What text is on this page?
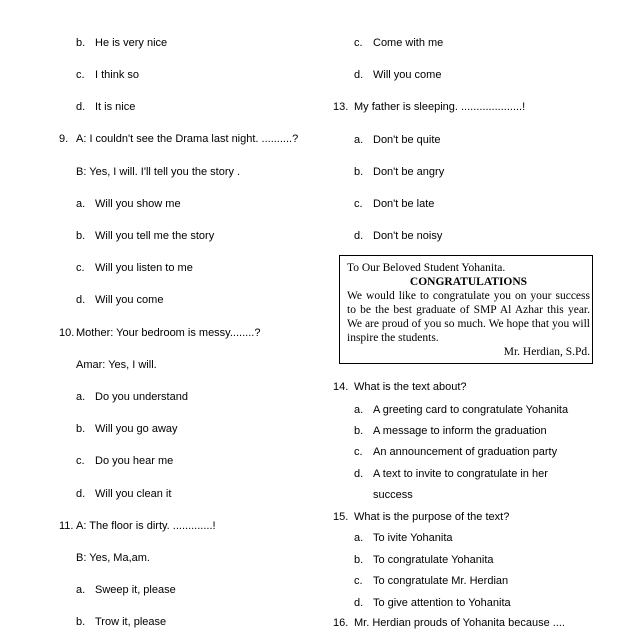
b. He is very nice
c. I think so
d. It is nice
9. A: I couldn't see the Drama last night. ..........?
B: Yes, I will. I'll tell you the story .
a. Will you show me
b. Will you tell me the story
c. Will you listen to me
d. Will you come
10. Mother: Your bedroom is messy........?
Amar: Yes, I will.
a. Do you understand
b. Will you go away
c. Do you hear me
d. Will you clean it
11. A: The floor is dirty. .............!
B: Yes, Ma,am.
a. Sweep it, please
b. Trow it, please
c. Come with me
d. Will you come
13. My father is sleeping. ....................!
a. Don't be quite
b. Don't be angry
c. Don't be late
d. Don't be noisy
To Our Beloved Student Yohanita.
CONGRATULATIONS
We would like to congratulate you on your success to be the best graduate of SMP Al Azhar this year. We are proud of you so much. We hope that you will inspire the students.
Mr. Herdian, S.Pd.
14. What is the text about?
a. A greeting card to congratulate Yohanita
b. A message to inform the graduation
c. An announcement of graduation party
d. A text to invite to congratulate in her
success
15. What is the purpose of the text?
a. To ivite Yohanita
b. To congratulate Yohanita
c. To congratulate Mr. Herdian
d. To give attention to Yohanita
16. Mr. Herdian prouds of Yohanita because ....
